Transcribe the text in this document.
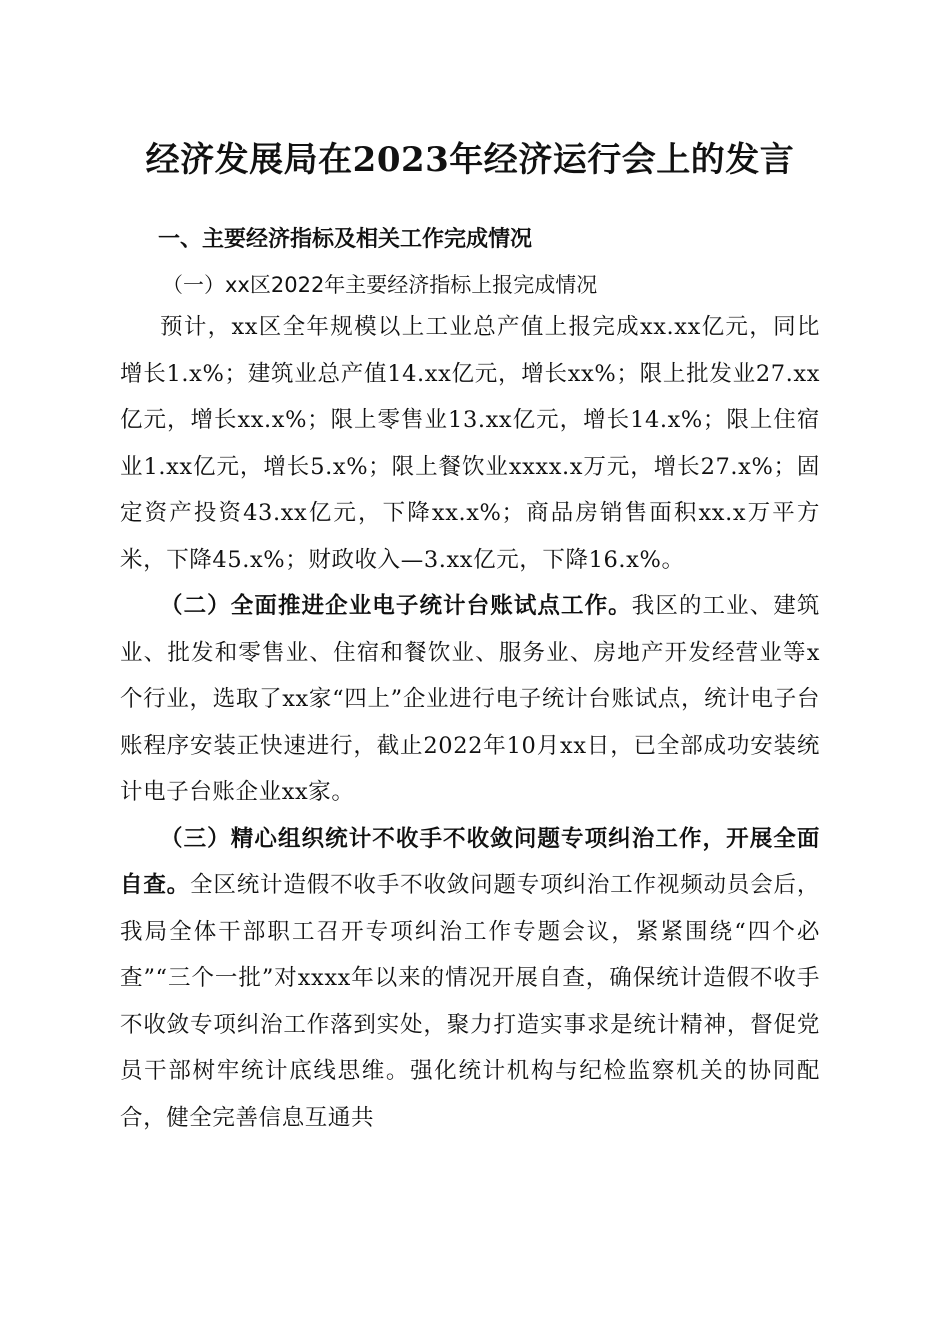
经济发展局在2023年经济运行会上的发言
一、主要经济指标及相关工作完成情况
（一）xx区2022年主要经济指标上报完成情况

预计，xx区全年规模以上工业总产值上报完成xx.xx亿元，同比增长1.x%；建筑业总产值14.xx亿元，增长xx%；限上批发业27.xx亿元，增长xx.x%；限上零售业13.xx亿元，增长14.x%；限上住宿业1.xx亿元，增长5.x%；限上餐饮业xxxx.x万元，增长27.x%；固定资产投资43.xx亿元，下降xx.x%；商品房销售面积xx.x万平方米，下降45.x%；财政收入—3.xx亿元，下降16.x%。

（二）全面推进企业电子统计台账试点工作。我区的工业、建筑业、批发和零售业、住宿和餐饮业、服务业、房地产开发经营业等x个行业，选取了xx家“四上”企业进行电子统计台账试点，统计电子台账程序安装正快速进行，截止2022年10月xx日，已全部成功安装统计电子台账企业xx家。

（三）精心组织统计不收手不收敛问题专项纠治工作，开展全面自查。全区统计造假不收手不收敛问题专项纠治工作视频动员会后，我局全体干部职工召开专项纠治工作专题会议，紧紧围绕“四个必查”“三个一批”对xxxx年以来的情况开展自查，确保统计造假不收手不收敛专项纠治工作落到实处，聚力打造实事求是统计精神，督促党员干部树牢统计底线思维。强化统计机构与纪检监察机关的协同配合，健全完善信息互通共
